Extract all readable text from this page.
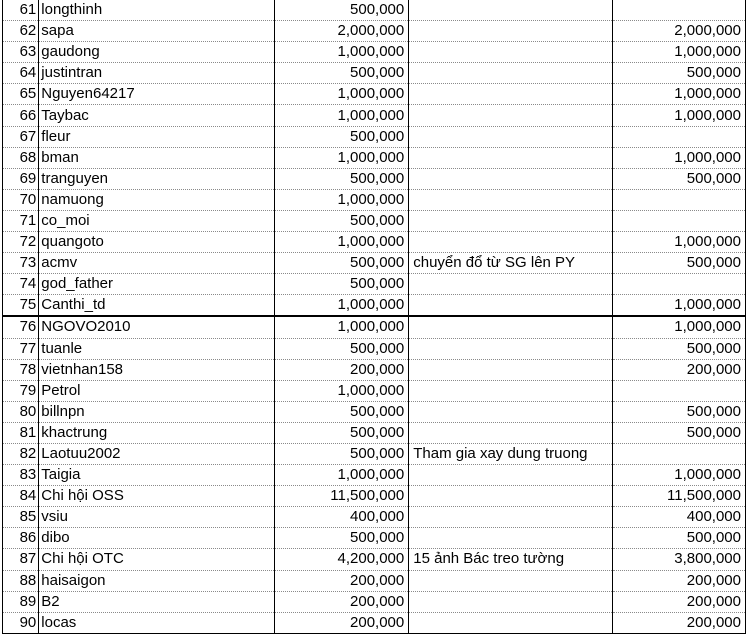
61	longthinh	500,000		
62	sapa	2,000,000		2,000,000
63	gaudong	1,000,000		1,000,000
64	justintran	500,000		500,000
65	Nguyen64217	1,000,000		1,000,000
66	Taybac	1,000,000		1,000,000
67	fleur	500,000		
68	bman	1,000,000		1,000,000
69	tranguyen	500,000		500,000
70	namuong	1,000,000		
71	co_moi	500,000		
72	quangoto	1,000,000		1,000,000
73	acmv	500,000	chuyển đổ từ SG lên PY	500,000
74	god_father	500,000		
75	Canthi_td	1,000,000		1,000,000
76	NGOVO2010	1,000,000		1,000,000
77	tuanle	500,000		500,000
78	vietnhan158	200,000		200,000
79	Petrol	1,000,000		
80	billnpn	500,000		500,000
81	khactrung	500,000		500,000
82	Laotuu2002	500,000	Tham gia xay dung truong	
83	Taigia	1,000,000		1,000,000
84	Chi hội OSS	11,500,000		11,500,000
85	vsiu	400,000		400,000
86	dibo	500,000		500,000
87	Chi hội OTC	4,200,000	15 ảnh Bác treo tường	3,800,000
88	haisaigon	200,000		200,000
89	B2	200,000		200,000
90	locas	200,000		200,000
